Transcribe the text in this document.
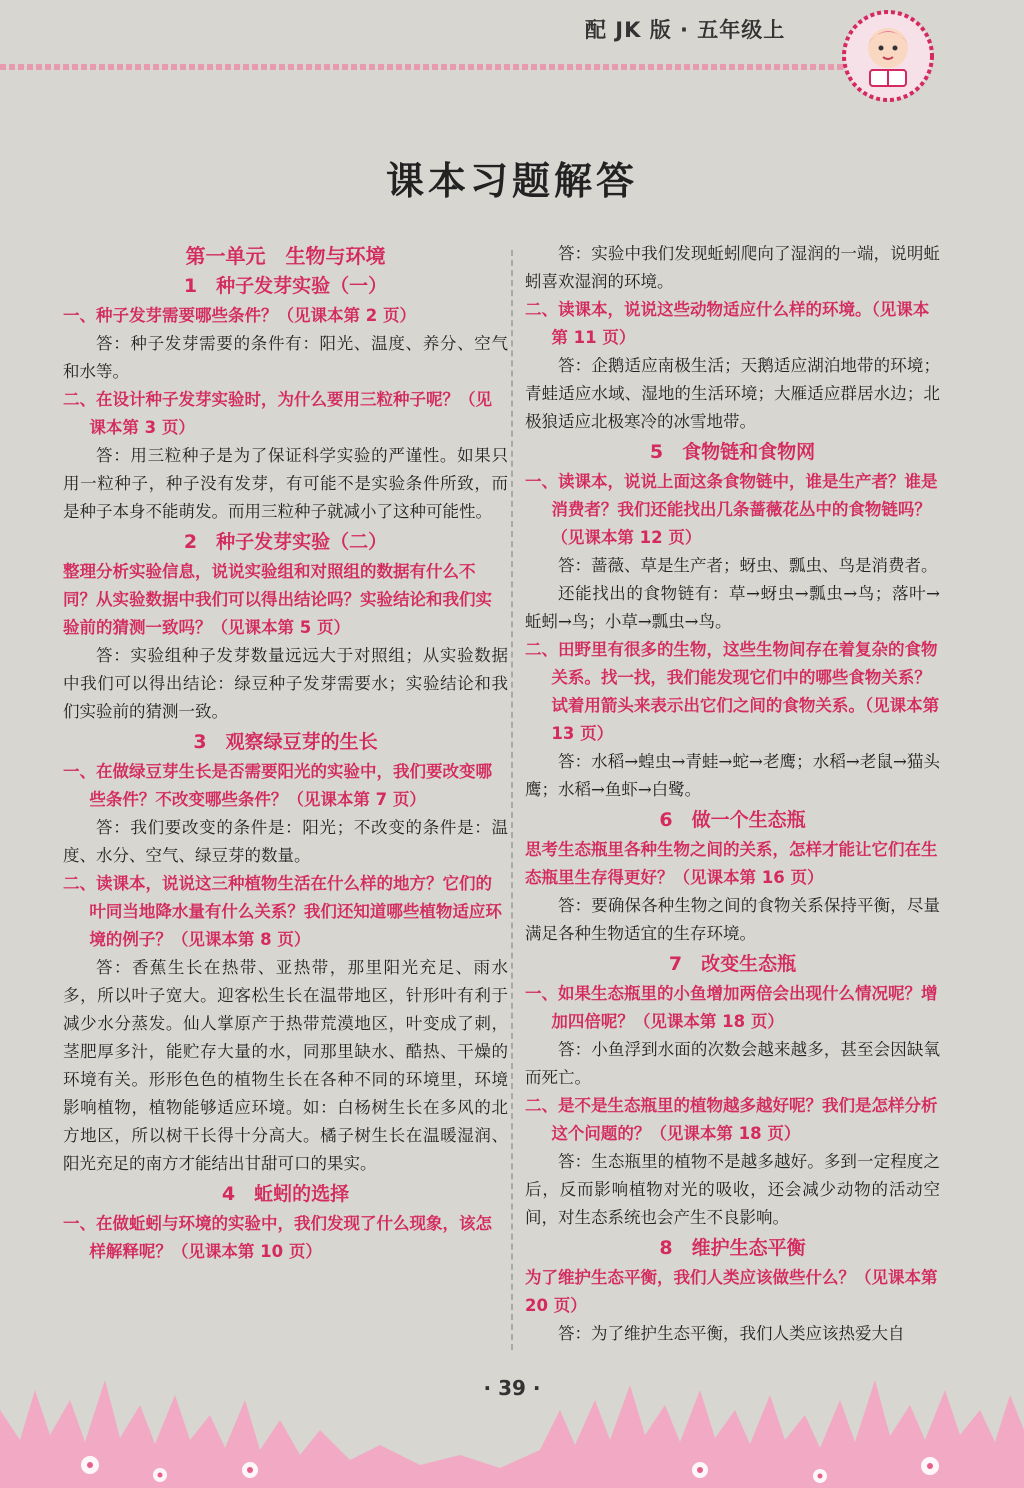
配 JK 版 · 五年级上
课本习题解答
第一单元　生物与环境
1　种子发芽实验（一）
一、种子发芽需要哪些条件？（见课本第 2 页）
答：种子发芽需要的条件有：阳光、温度、养分、空气和水等。
二、在设计种子发芽实验时，为什么要用三粒种子呢？（见课本第 3 页）
答：用三粒种子是为了保证科学实验的严谨性。如果只用一粒种子，种子没有发芽，有可能不是实验条件所致，而是种子本身不能萌发。而用三粒种子就减小了这种可能性。
2　种子发芽实验（二）
整理分析实验信息，说说实验组和对照组的数据有什么不同？从实验数据中我们可以得出结论吗？实验结论和我们实验前的猜测一致吗？（见课本第 5 页）
答：实验组种子发芽数量远远大于对照组；从实验数据中我们可以得出结论：绿豆种子发芽需要水；实验结论和我们实验前的猜测一致。
3　观察绿豆芽的生长
一、在做绿豆芽生长是否需要阳光的实验中，我们要改变哪些条件？不改变哪些条件？（见课本第 7 页）
答：我们要改变的条件是：阳光；不改变的条件是：温度、水分、空气、绿豆芽的数量。
二、读课本，说说这三种植物生活在什么样的地方？它们的叶同当地降水量有什么关系？我们还知道哪些植物适应环境的例子？（见课本第 8 页）
答：香蕉生长在热带、亚热带，那里阳光充足、雨水多，所以叶子宽大。迎客松生长在温带地区，针形叶有利于减少水分蒸发。仙人掌原产于热带荒漠地区，叶变成了刺，茎肥厚多汁，能贮存大量的水，同那里缺水、酷热、干燥的环境有关。形形色色的植物生长在各种不同的环境里，环境影响植物，植物能够适应环境。如：白杨树生长在多风的北方地区，所以树干长得十分高大。橘子树生长在温暖湿润、阳光充足的南方才能结出甘甜可口的果实。
4　蚯蚓的选择
一、在做蚯蚓与环境的实验中，我们发现了什么现象，该怎样解释呢？（见课本第 10 页）
答：实验中我们发现蚯蚓爬向了湿润的一端，说明蚯蚓喜欢湿润的环境。
二、读课本，说说这些动物适应什么样的环境。（见课本第 11 页）
答：企鹅适应南极生活；天鹅适应湖泊地带的环境；青蛙适应水域、湿地的生活环境；大雁适应群居水边；北极狼适应北极寒冷的冰雪地带。
5　食物链和食物网
一、读课本，说说上面这条食物链中，谁是生产者？谁是消费者？我们还能找出几条蔷薇花丛中的食物链吗？（见课本第 12 页）
答：蔷薇、草是生产者；蚜虫、瓢虫、鸟是消费者。
还能找出的食物链有：草→蚜虫→瓢虫→鸟；落叶→蚯蚓→鸟；小草→瓢虫→鸟。
二、田野里有很多的生物，这些生物间存在着复杂的食物关系。找一找，我们能发现它们中的哪些食物关系？试着用箭头来表示出它们之间的食物关系。（见课本第 13 页）
答：水稻→蝗虫→青蛙→蛇→老鹰；水稻→老鼠→猫头鹰；水稻→鱼虾→白鹭。
6　做一个生态瓶
思考生态瓶里各种生物之间的关系，怎样才能让它们在生态瓶里生存得更好？（见课本第 16 页）
答：要确保各种生物之间的食物关系保持平衡，尽量满足各种生物适宜的生存环境。
7　改变生态瓶
一、如果生态瓶里的小鱼增加两倍会出现什么情况呢？增加四倍呢？（见课本第 18 页）
答：小鱼浮到水面的次数会越来越多，甚至会因缺氧而死亡。
二、是不是生态瓶里的植物越多越好呢？我们是怎样分析这个问题的？（见课本第 18 页）
答：生态瓶里的植物不是越多越好。多到一定程度之后，反而影响植物对光的吸收，还会减少动物的活动空间，对生态系统也会产生不良影响。
8　维护生态平衡
为了维护生态平衡，我们人类应该做些什么？（见课本第 20 页）
答：为了维护生态平衡，我们人类应该热爱大自
· 39 ·
